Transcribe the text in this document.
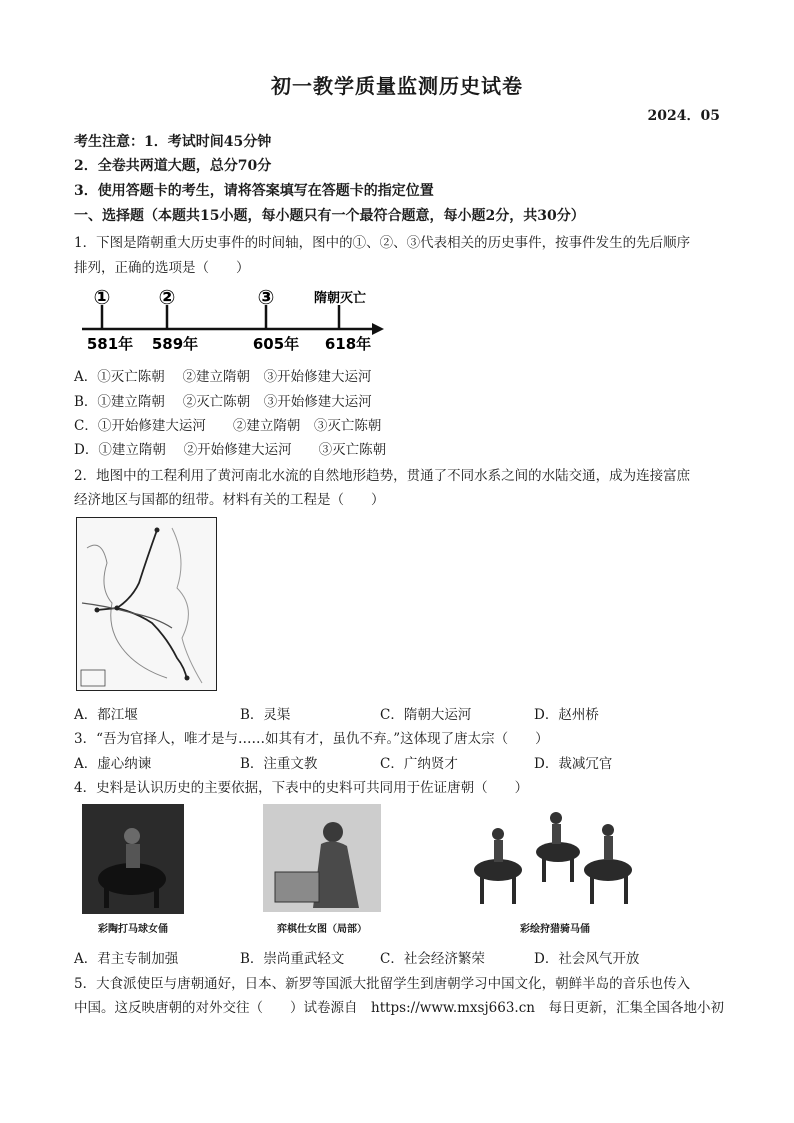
初一教学质量监测历史试卷
2024．05
考生注意：1．考试时间45分钟
2．全卷共两道大题，总分70分
3．使用答题卡的考生，请将答案填写在答题卡的指定位置
一、选择题（本题共15小题，每小题只有一个最符合题意，每小题2分，共30分）
1．下图是隋朝重大历史事件的时间轴，图中的①、②、③代表相关的历史事件，按事件发生的先后顺序
排列，正确的选项是（　　）
① ②	③	隋朝灭亡
581年 589年	605年 618年
A．①灭亡陈朝　 ②建立隋朝　③开始修建大运河
B．①建立隋朝　 ②灭亡陈朝　③开始修建大运河
C．①开始修建大运河　　②建立隋朝　③灭亡陈朝
D．①建立隋朝　 ②开始修建大运河　　③灭亡陈朝
2．地图中的工程利用了黄河南北水流的自然地形趋势，贯通了不同水系之间的水陆交通，成为连接富庶
经济地区与国都的纽带。材料有关的工程是（　　）
A．都江堰	B．灵渠	C．隋朝大运河	D．赵州桥
3．“吾为官择人，唯才是与……如其有才，虽仇不弃。”这体现了唐太宗（　　）
A．虚心纳谏	B．注重文教	C．广纳贤才	D．裁减冗官
4．史料是认识历史的主要依据，下表中的史料可共同用于佐证唐朝（　　）
彩陶打马球女俑	弈棋仕女图（局部）	彩绘狩猎骑马俑
A．君主专制加强	B．崇尚重武轻文	C．社会经济繁荣	D．社会风气开放
5．大食派使臣与唐朝通好，日本、新罗等国派大批留学生到唐朝学习中国文化，朝鲜半岛的音乐也传入
中国。这反映唐朝的对外交往（　　）试卷源自　https://www.mxsj663.cn　每日更新，汇集全国各地小初
